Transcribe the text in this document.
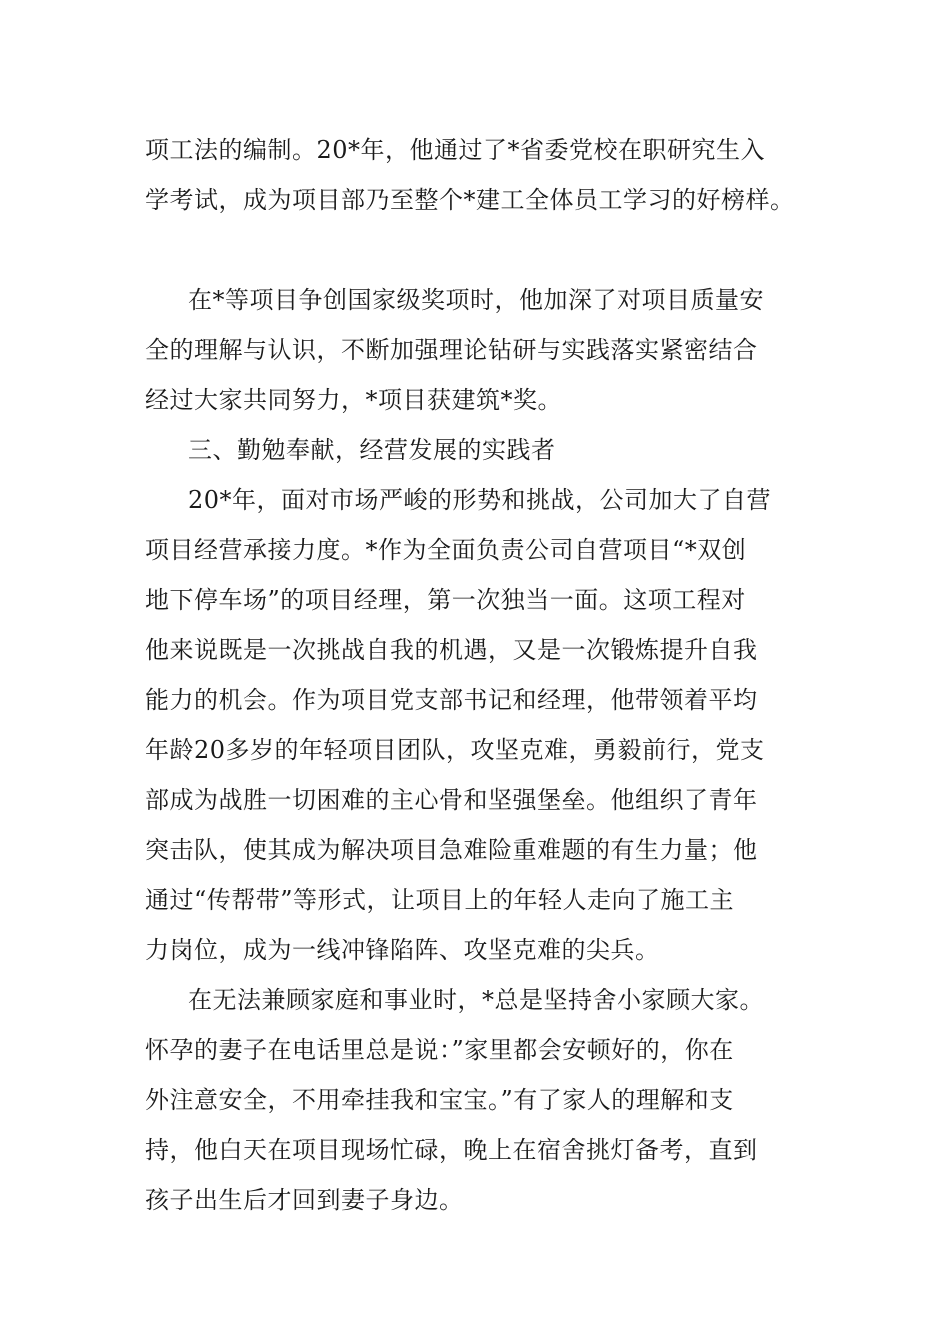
项工法的编制。20*年，他通过了*省委党校在职研究生入
学考试，成为项目部乃至整个*建工全体员工学习的好榜样。
在*等项目争创国家级奖项时，他加深了对项目质量安
全的理解与认识，不断加强理论钻研与实践落实紧密结合
经过大家共同努力，*项目获建筑*奖。
三、勤勉奉献，经营发展的实践者
20*年，面对市场严峻的形势和挑战，公司加大了自营
项目经营承接力度。*作为全面负责公司自营项目“*双创
地下停车场”的项目经理，第一次独当一面。这项工程对
他来说既是一次挑战自我的机遇，又是一次锻炼提升自我
能力的机会。作为项目党支部书记和经理，他带领着平均
年龄20多岁的年轻项目团队，攻坚克难，勇毅前行，党支
部成为战胜一切困难的主心骨和坚强堡垒。他组织了青年
突击队，使其成为解决项目急难险重难题的有生力量；他
通过“传帮带”等形式，让项目上的年轻人走向了施工主
力岗位，成为一线冲锋陷阵、攻坚克难的尖兵。
在无法兼顾家庭和事业时，*总是坚持舍小家顾大家。
怀孕的妻子在电话里总是说：”家里都会安顿好的，你在
外注意安全，不用牵挂我和宝宝。”有了家人的理解和支
持，他白天在项目现场忙碌，晚上在宿舍挑灯备考，直到
孩子出生后才回到妻子身边。
